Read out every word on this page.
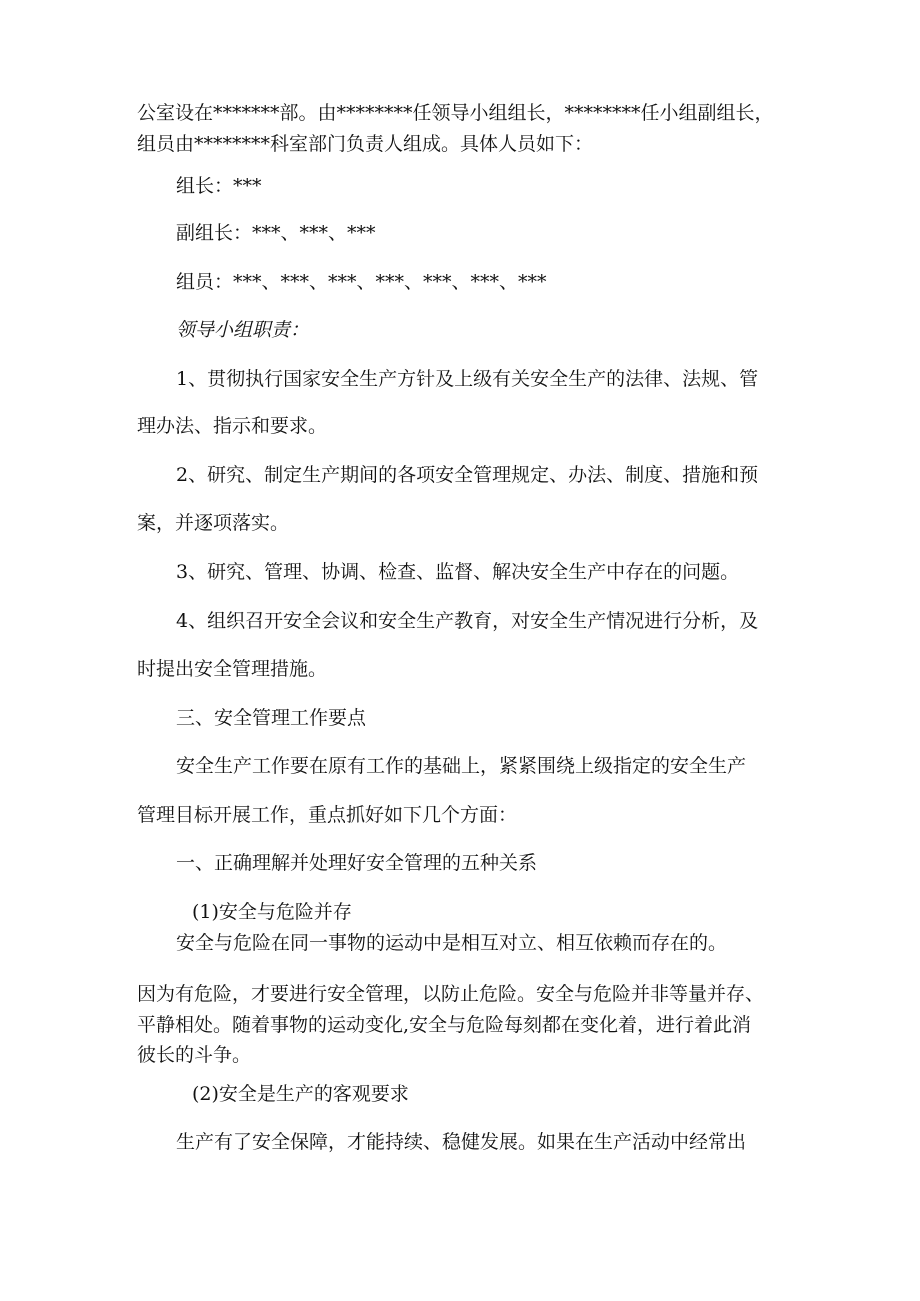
公室设在*******部。由********任领导小组组长，********任小组副组长，
组员由********科室部门负责人组成。具体人员如下：
组长：***
副组长：***、***、***
组员：***、***、***、***、***、***、***
领导小组职责：
1、贯彻执行国家安全生产方针及上级有关安全生产的法律、法规、管
理办法、指示和要求。
2、研究、制定生产期间的各项安全管理规定、办法、制度、措施和预
案，并逐项落实。
3、研究、管理、协调、检查、监督、解决安全生产中存在的问题。
4、组织召开安全会议和安全生产教育，对安全生产情况进行分析，及
时提出安全管理措施。
三、安全管理工作要点
安全生产工作要在原有工作的基础上，紧紧围绕上级指定的安全生产
管理目标开展工作，重点抓好如下几个方面：
一、正确理解并处理好安全管理的五种关系
(1)安全与危险并存
安全与危险在同一事物的运动中是相互对立、相互依赖而存在的。
因为有危险，才要进行安全管理，以防止危险。安全与危险并非等量并存、
平静相处。随着事物的运动变化,安全与危险每刻都在变化着，进行着此消
彼长的斗争。
(2)安全是生产的客观要求
生产有了安全保障，才能持续、稳健发展。如果在生产活动中经常出
